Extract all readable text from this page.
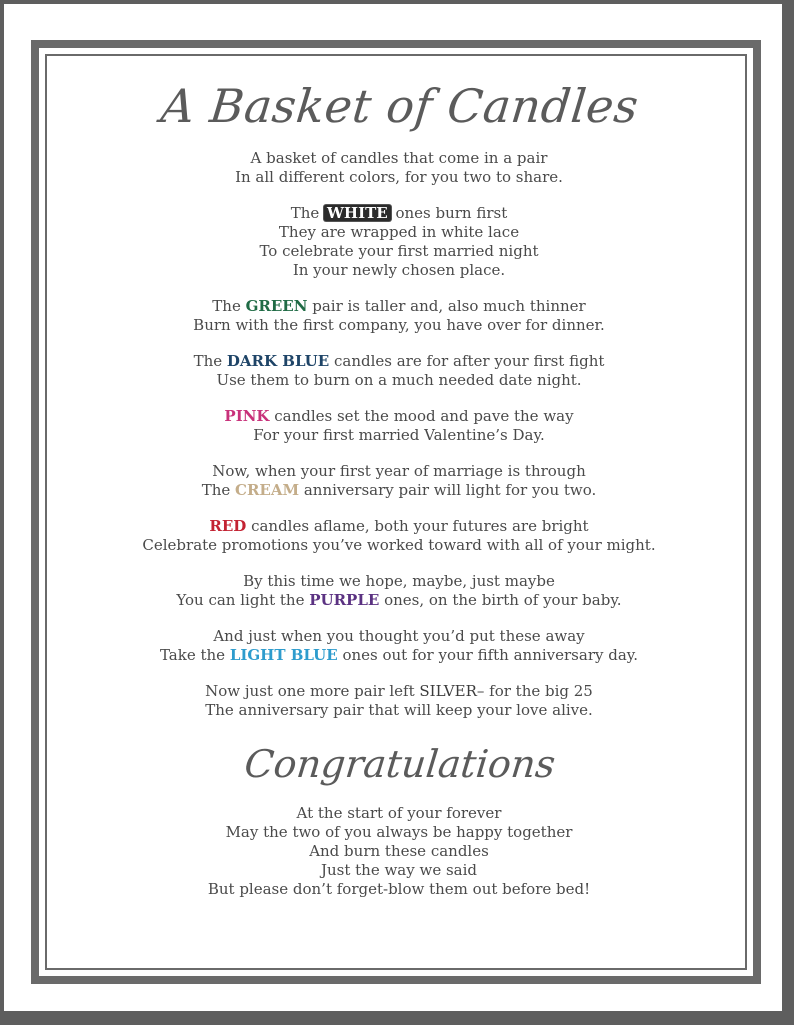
A Basket of Candles
A basket of candles that come in a pair
In all different colors, for you two to share.
The WHITE ones burn first
They are wrapped in white lace
To celebrate your first married night
In your newly chosen place.
The GREEN pair is taller and, also much thinner
Burn with the first company, you have over for dinner.
The DARK BLUE candles are for after your first fight
Use them to burn on a much needed date night.
PINK candles set the mood and pave the way
For your first married Valentine’s Day.
Now, when your first year of marriage is through
The CREAM anniversary pair will light for you two.
RED candles aflame, both your futures are bright
Celebrate promotions you’ve worked toward with all of your might.
By this time we hope, maybe, just maybe
You can light the PURPLE ones, on the birth of your baby.
And just when you thought you’d put these away
Take the LIGHT BLUE ones out for your fifth anniversary day.
Now just one more pair left SILVER– for the big 25
The anniversary pair that will keep your love alive.
Congratulations
At the start of your forever
May the two of you always be happy together
And burn these candles
Just the way we said
But please don’t forget-blow them out before bed!
